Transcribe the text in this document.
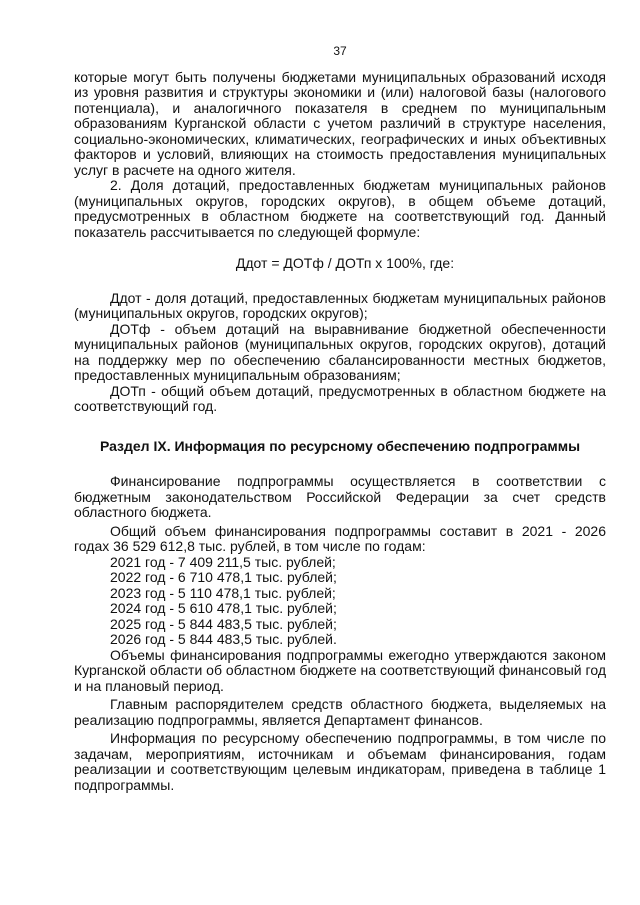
37

которые могут быть получены бюджетами муниципальных образований исходя из уровня развития и структуры экономики и (или) налоговой базы (налогового потенциала), и аналогичного показателя в среднем по муниципальным образованиям Курганской области с учетом различий в структуре населения, социально-экономических, климатических, географических и иных объективных факторов и условий, влияющих на стоимость предоставления муниципальных услуг в расчете на одного жителя.

2. Доля дотаций, предоставленных бюджетам муниципальных районов (муниципальных округов, городских округов), в общем объеме дотаций, предусмотренных в областном бюджете на соответствующий год. Данный показатель рассчитывается по следующей формуле:

Ддот = ДОТф / ДОТп x 100%, где:

Ддот - доля дотаций, предоставленных бюджетам муниципальных районов (муниципальных округов, городских округов);

ДОТф - объем дотаций на выравнивание бюджетной обеспеченности муниципальных районов (муниципальных округов, городских округов), дотаций на поддержку мер по обеспечению сбалансированности местных бюджетов, предоставленных муниципальным образованиям;

ДОТп - общий объем дотаций, предусмотренных в областном бюджете на соответствующий год.

Раздел IX. Информация по ресурсному обеспечению подпрограммы

Финансирование подпрограммы осуществляется в соответствии с бюджетным законодательством Российской Федерации за счет средств областного бюджета.

Общий объем финансирования подпрограммы составит в 2021 - 2026 годах 36 529 612,8 тыс. рублей, в том числе по годам:

2021 год - 7 409 211,5 тыс. рублей;
2022 год - 6 710 478,1 тыс. рублей;
2023 год - 5 110 478,1 тыс. рублей;
2024 год - 5 610 478,1 тыс. рублей;
2025 год - 5 844 483,5 тыс. рублей;
2026 год - 5 844 483,5 тыс. рублей.

Объемы финансирования подпрограммы ежегодно утверждаются законом Курганской области об областном бюджете на соответствующий финансовый год и на плановый период.

Главным распорядителем средств областного бюджета, выделяемых на реализацию подпрограммы, является Департамент финансов.

Информация по ресурсному обеспечению подпрограммы, в том числе по задачам, мероприятиям, источникам и объемам финансирования, годам реализации и соответствующим целевым индикаторам, приведена в таблице 1 подпрограммы.
